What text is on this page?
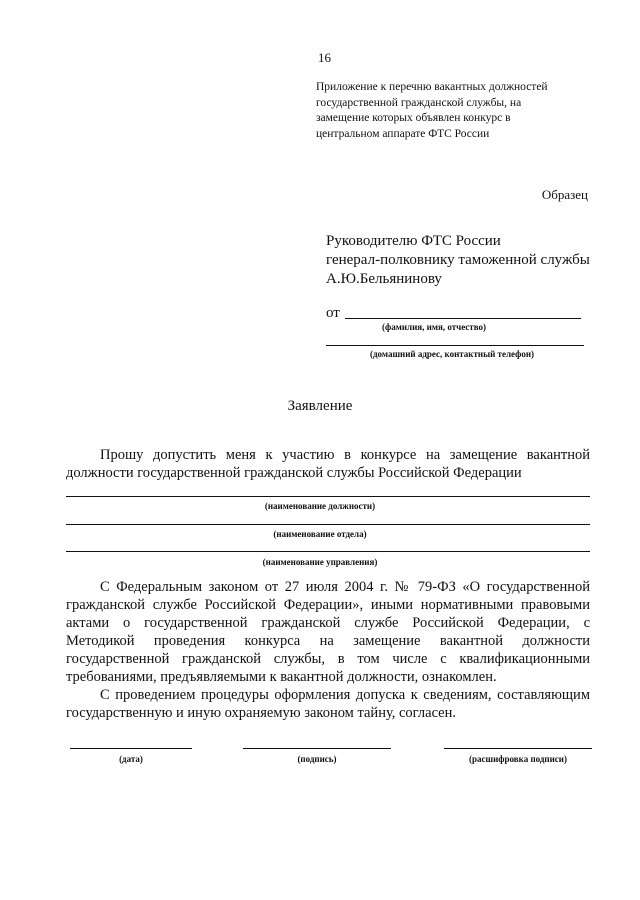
16
Приложение к перечню вакантных должностей государственной гражданской службы, на замещение которых объявлен конкурс в центральном аппарате ФТС России
Образец
Руководителю ФТС России
генерал-полковнику таможенной службы
А.Ю.Бельянинову
от
(фамилия, имя, отчество)
(домашний адрес, контактный телефон)
Заявление
Прошу допустить меня к участию в конкурсе на замещение вакантной должности государственной гражданской службы Российской Федерации
(наименование должности)
(наименование отдела)
(наименование управления)
С Федеральным законом от 27 июля 2004 г. № 79-ФЗ «О государственной гражданской службе Российской Федерации», иными нормативными правовыми актами о государственной гражданской службе Российской Федерации, с Методикой проведения конкурса на замещение вакантной должности государственной гражданской службы, в том числе с квалификационными требованиями, предъявляемыми к вакантной должности, ознакомлен.
С проведением процедуры оформления допуска к сведениям, составляющим государственную и иную охраняемую законом тайну, согласен.
(дата)	(подпись)	(расшифровка подписи)
